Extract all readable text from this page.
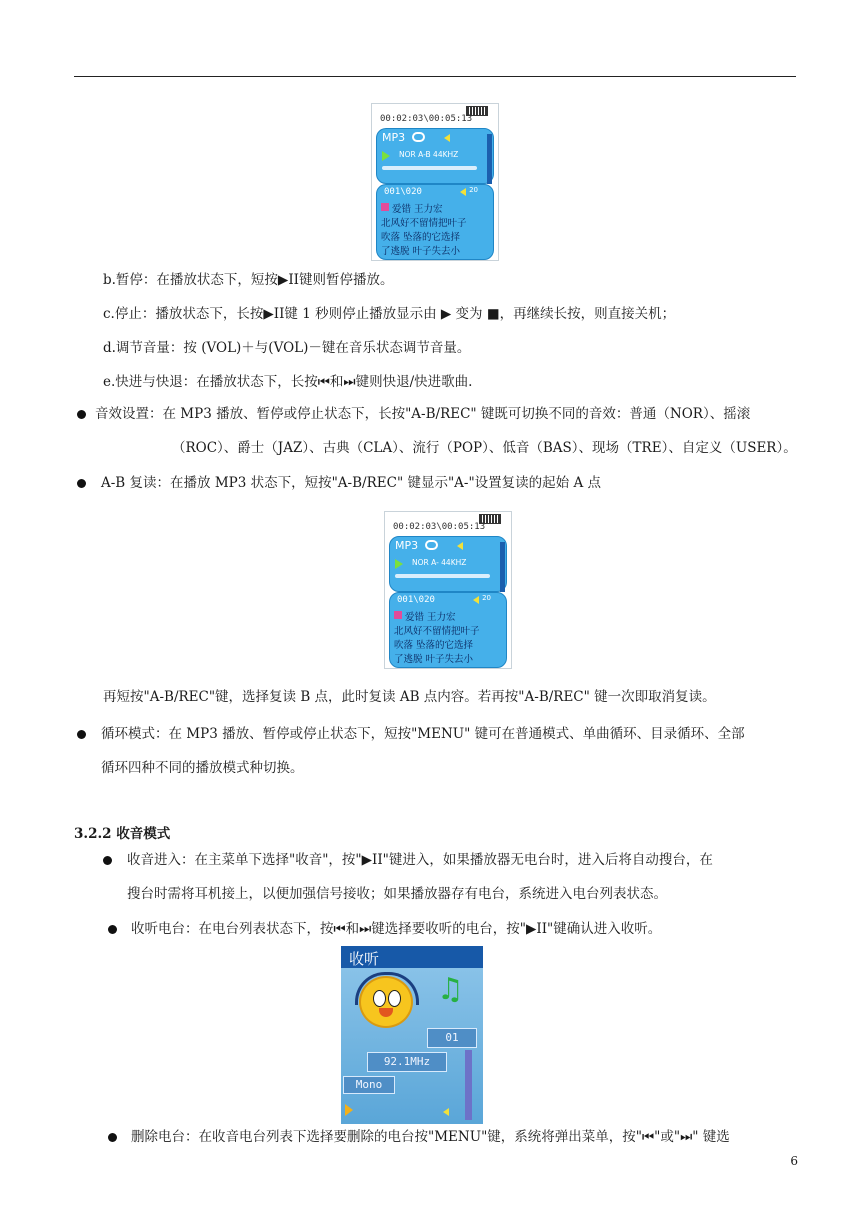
00:02:03\00:05:13
MP3
NOR A-B 44KHZ
001\020	20
爱错 王力宏
北风好不留情把叶子
吹落 坠落的它选择
了逃脱 叶子失去小
b.暂停：在播放状态下，短按▶II键则暂停播放。
c.停止：播放状态下，长按▶II键 1 秒则停止播放显示由 ▶ 变为 ■，再继续长按，则直接关机；
d.调节音量：按 (VOL)＋与(VOL)－键在音乐状态调节音量。
e.快进与快退：在播放状态下，长按⏮和⏭键则快退/快进歌曲.
音效设置：在 MP3 播放、暂停或停止状态下，长按"A-B/REC" 键既可切换不同的音效：普通（NOR）、摇滚
（ROC）、爵士（JAZ）、古典（CLA）、流行（POP）、低音（BAS）、现场（TRE）、自定义（USER）。
A-B 复读：在播放 MP3 状态下，短按"A-B/REC" 键显示"A-"设置复读的起始 A 点
00:02:03\00:05:13
MP3
NOR A- 44KHZ
001\020	20
爱错 王力宏
北风好不留情把叶子
吹落 坠落的它选择
了逃脱 叶子失去小
再短按"A-B/REC"键，选择复读 B 点，此时复读 AB 点内容。若再按"A-B/REC" 键一次即取消复读。
循环模式：在 MP3 播放、暂停或停止状态下，短按"MENU" 键可在普通模式、单曲循环、目录循环、全部
循环四种不同的播放模式种切换。
3.2.2 收音模式
收音进入：在主菜单下选择"收音"，按"▶II"键进入，如果播放器无电台时，进入后将自动搜台，在
搜台时需将耳机接上，以便加强信号接收；如果播放器存有电台，系统进入电台列表状态。
收听电台：在电台列表状态下，按⏮和⏭键选择要收听的电台，按"▶II"键确认进入收听。
收听
♫
01
92.1MHz
Mono
删除电台：在收音电台列表下选择要删除的电台按"MENU"键，系统将弹出菜单，按"⏮"或"⏭" 键选
6
